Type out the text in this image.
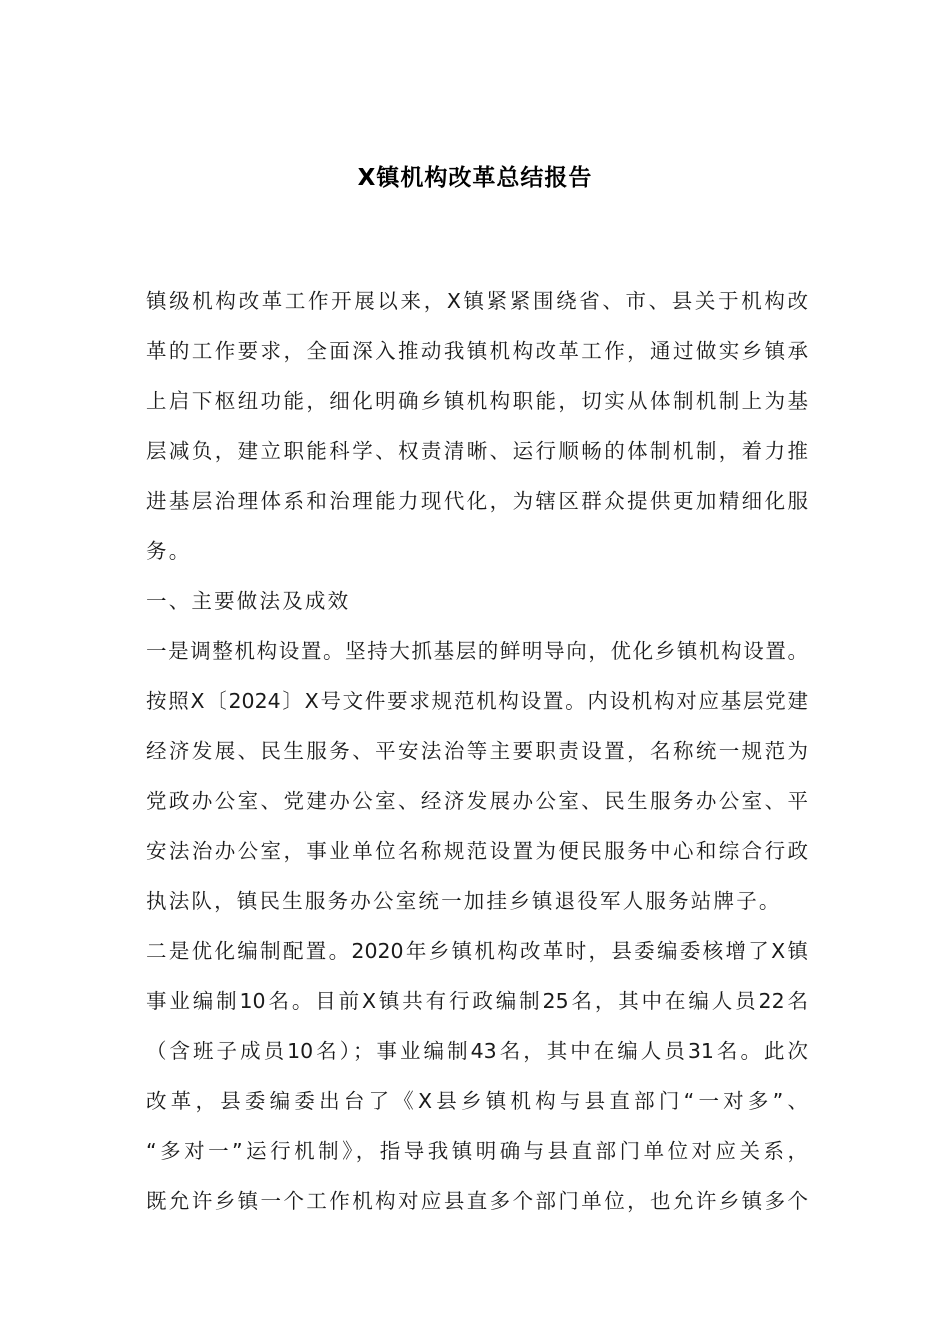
X镇机构改革总结报告
镇级机构改革工作开展以来，X镇紧紧围绕省、市、县关于机构改
革的工作要求，全面深入推动我镇机构改革工作，通过做实乡镇承
上启下枢纽功能，细化明确乡镇机构职能，切实从体制机制上为基
层减负，建立职能科学、权责清晰、运行顺畅的体制机制，着力推
进基层治理体系和治理能力现代化，为辖区群众提供更加精细化服
务。
一、主要做法及成效
一是调整机构设置。坚持大抓基层的鲜明导向，优化乡镇机构设置。
按照X〔2024〕X号文件要求规范机构设置。内设机构对应基层党建
经济发展、民生服务、平安法治等主要职责设置，名称统一规范为
党政办公室、党建办公室、经济发展办公室、民生服务办公室、平
安法治办公室，事业单位名称规范设置为便民服务中心和综合行政
执法队，镇民生服务办公室统一加挂乡镇退役军人服务站牌子。
二是优化编制配置。2020年乡镇机构改革时，县委编委核增了X镇
事业编制10名。目前X镇共有行政编制25名，其中在编人员22名
（含班子成员10名）；事业编制43名，其中在编人员31名。此次
改革，县委编委出台了《X县乡镇机构与县直部门“一对多”、
“多对一”运行机制》，指导我镇明确与县直部门单位对应关系，
既允许乡镇一个工作机构对应县直多个部门单位，也允许乡镇多个
